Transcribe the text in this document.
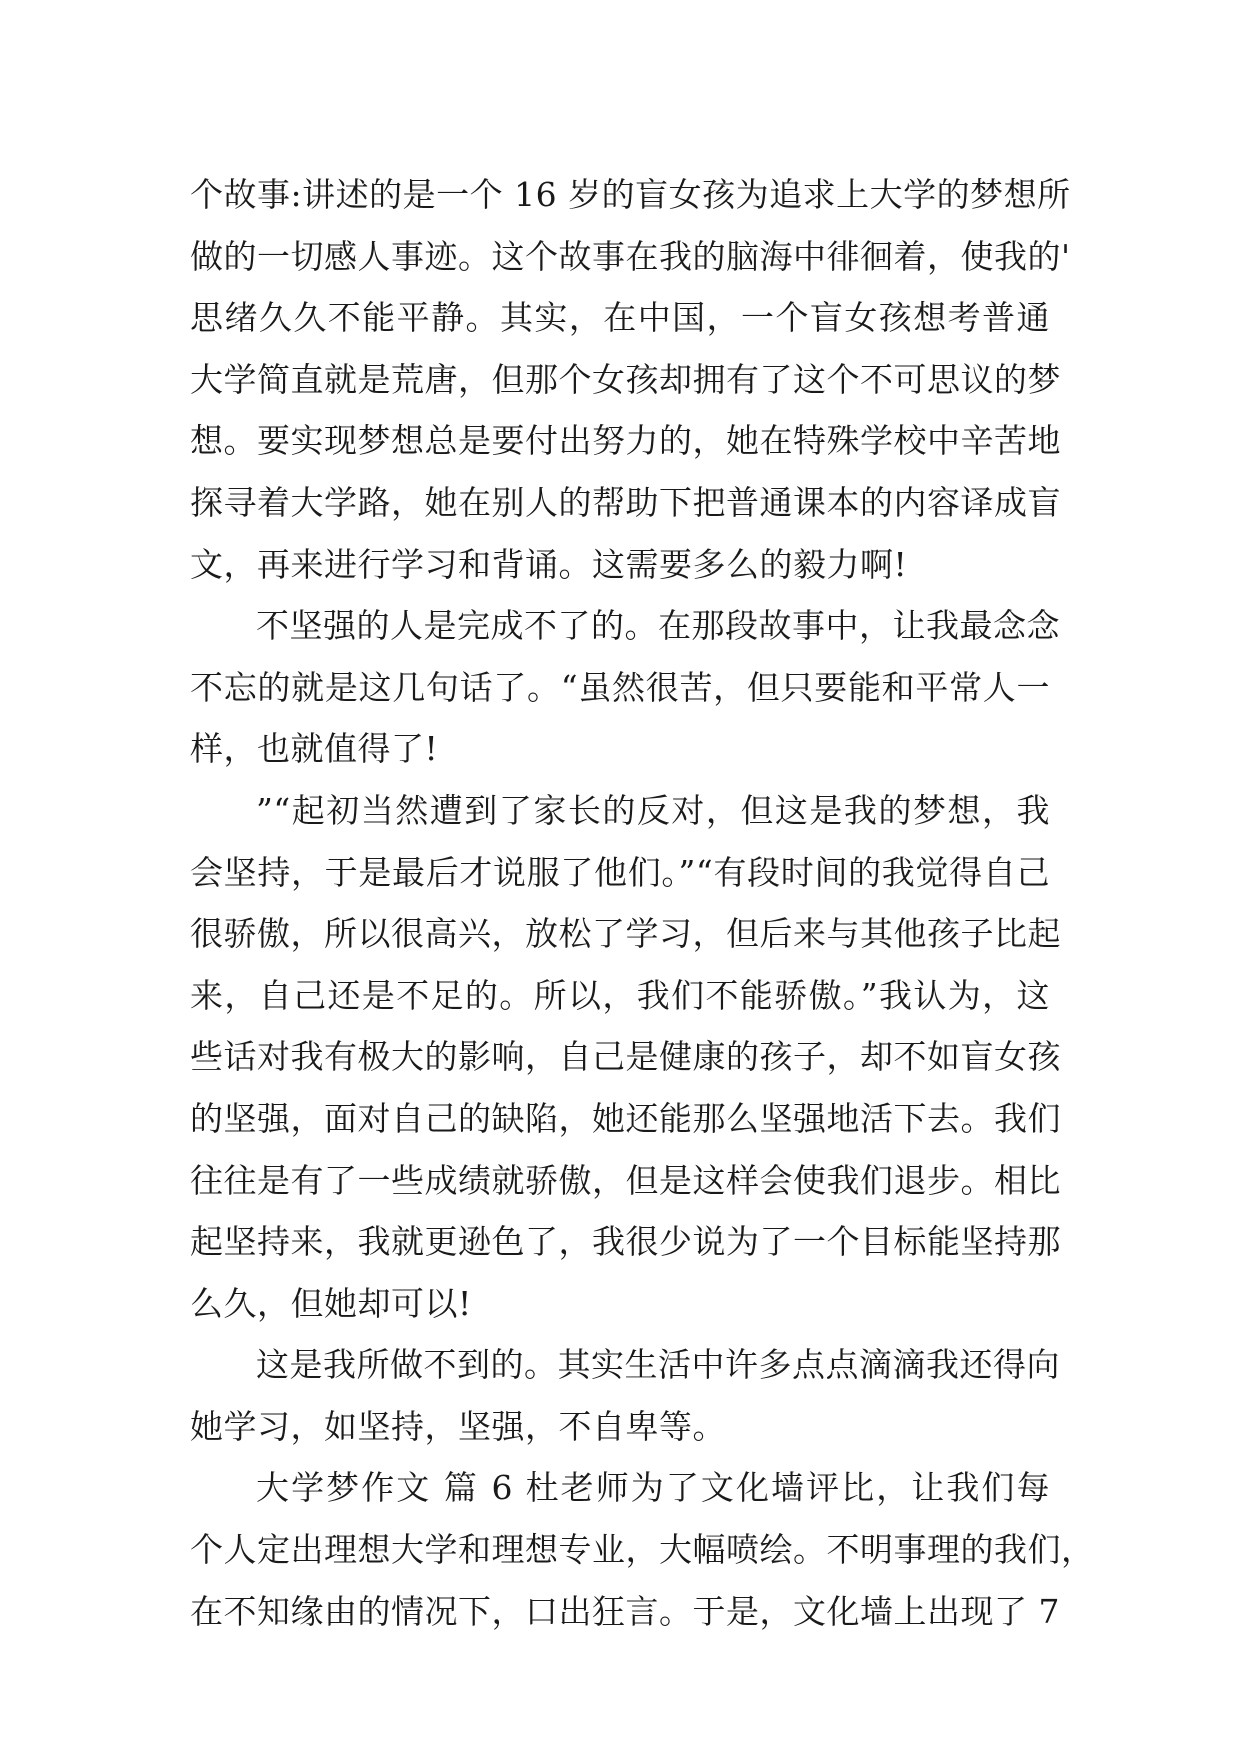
个故事:讲述的是一个 16 岁的盲女孩为追求上大学的梦想所
做的一切感人事迹。这个故事在我的脑海中徘徊着，使我的'
思绪久久不能平静。其实，在中国，一个盲女孩想考普通
大学简直就是荒唐，但那个女孩却拥有了这个不可思议的梦
想。要实现梦想总是要付出努力的，她在特殊学校中辛苦地
探寻着大学路，她在别人的帮助下把普通课本的内容译成盲
文，再来进行学习和背诵。这需要多么的毅力啊!
不坚强的人是完成不了的。在那段故事中，让我最念念
不忘的就是这几句话了。“虽然很苦，但只要能和平常人一
样，也就值得了!
”“起初当然遭到了家长的反对，但这是我的梦想，我
会坚持，于是最后才说服了他们。”“有段时间的我觉得自己
很骄傲，所以很高兴，放松了学习，但后来与其他孩子比起
来，自己还是不足的。所以，我们不能骄傲。”我认为，这
些话对我有极大的影响，自己是健康的孩子，却不如盲女孩
的坚强，面对自己的缺陷，她还能那么坚强地活下去。我们
往往是有了一些成绩就骄傲，但是这样会使我们退步。相比
起坚持来，我就更逊色了，我很少说为了一个目标能坚持那
么久，但她却可以!
这是我所做不到的。其实生活中许多点点滴滴我还得向
她学习，如坚持，坚强，不自卑等。
大学梦作文 篇 6 杜老师为了文化墙评比，让我们每
个人定出理想大学和理想专业，大幅喷绘。不明事理的我们，
在不知缘由的情况下，口出狂言。于是，文化墙上出现了 7
